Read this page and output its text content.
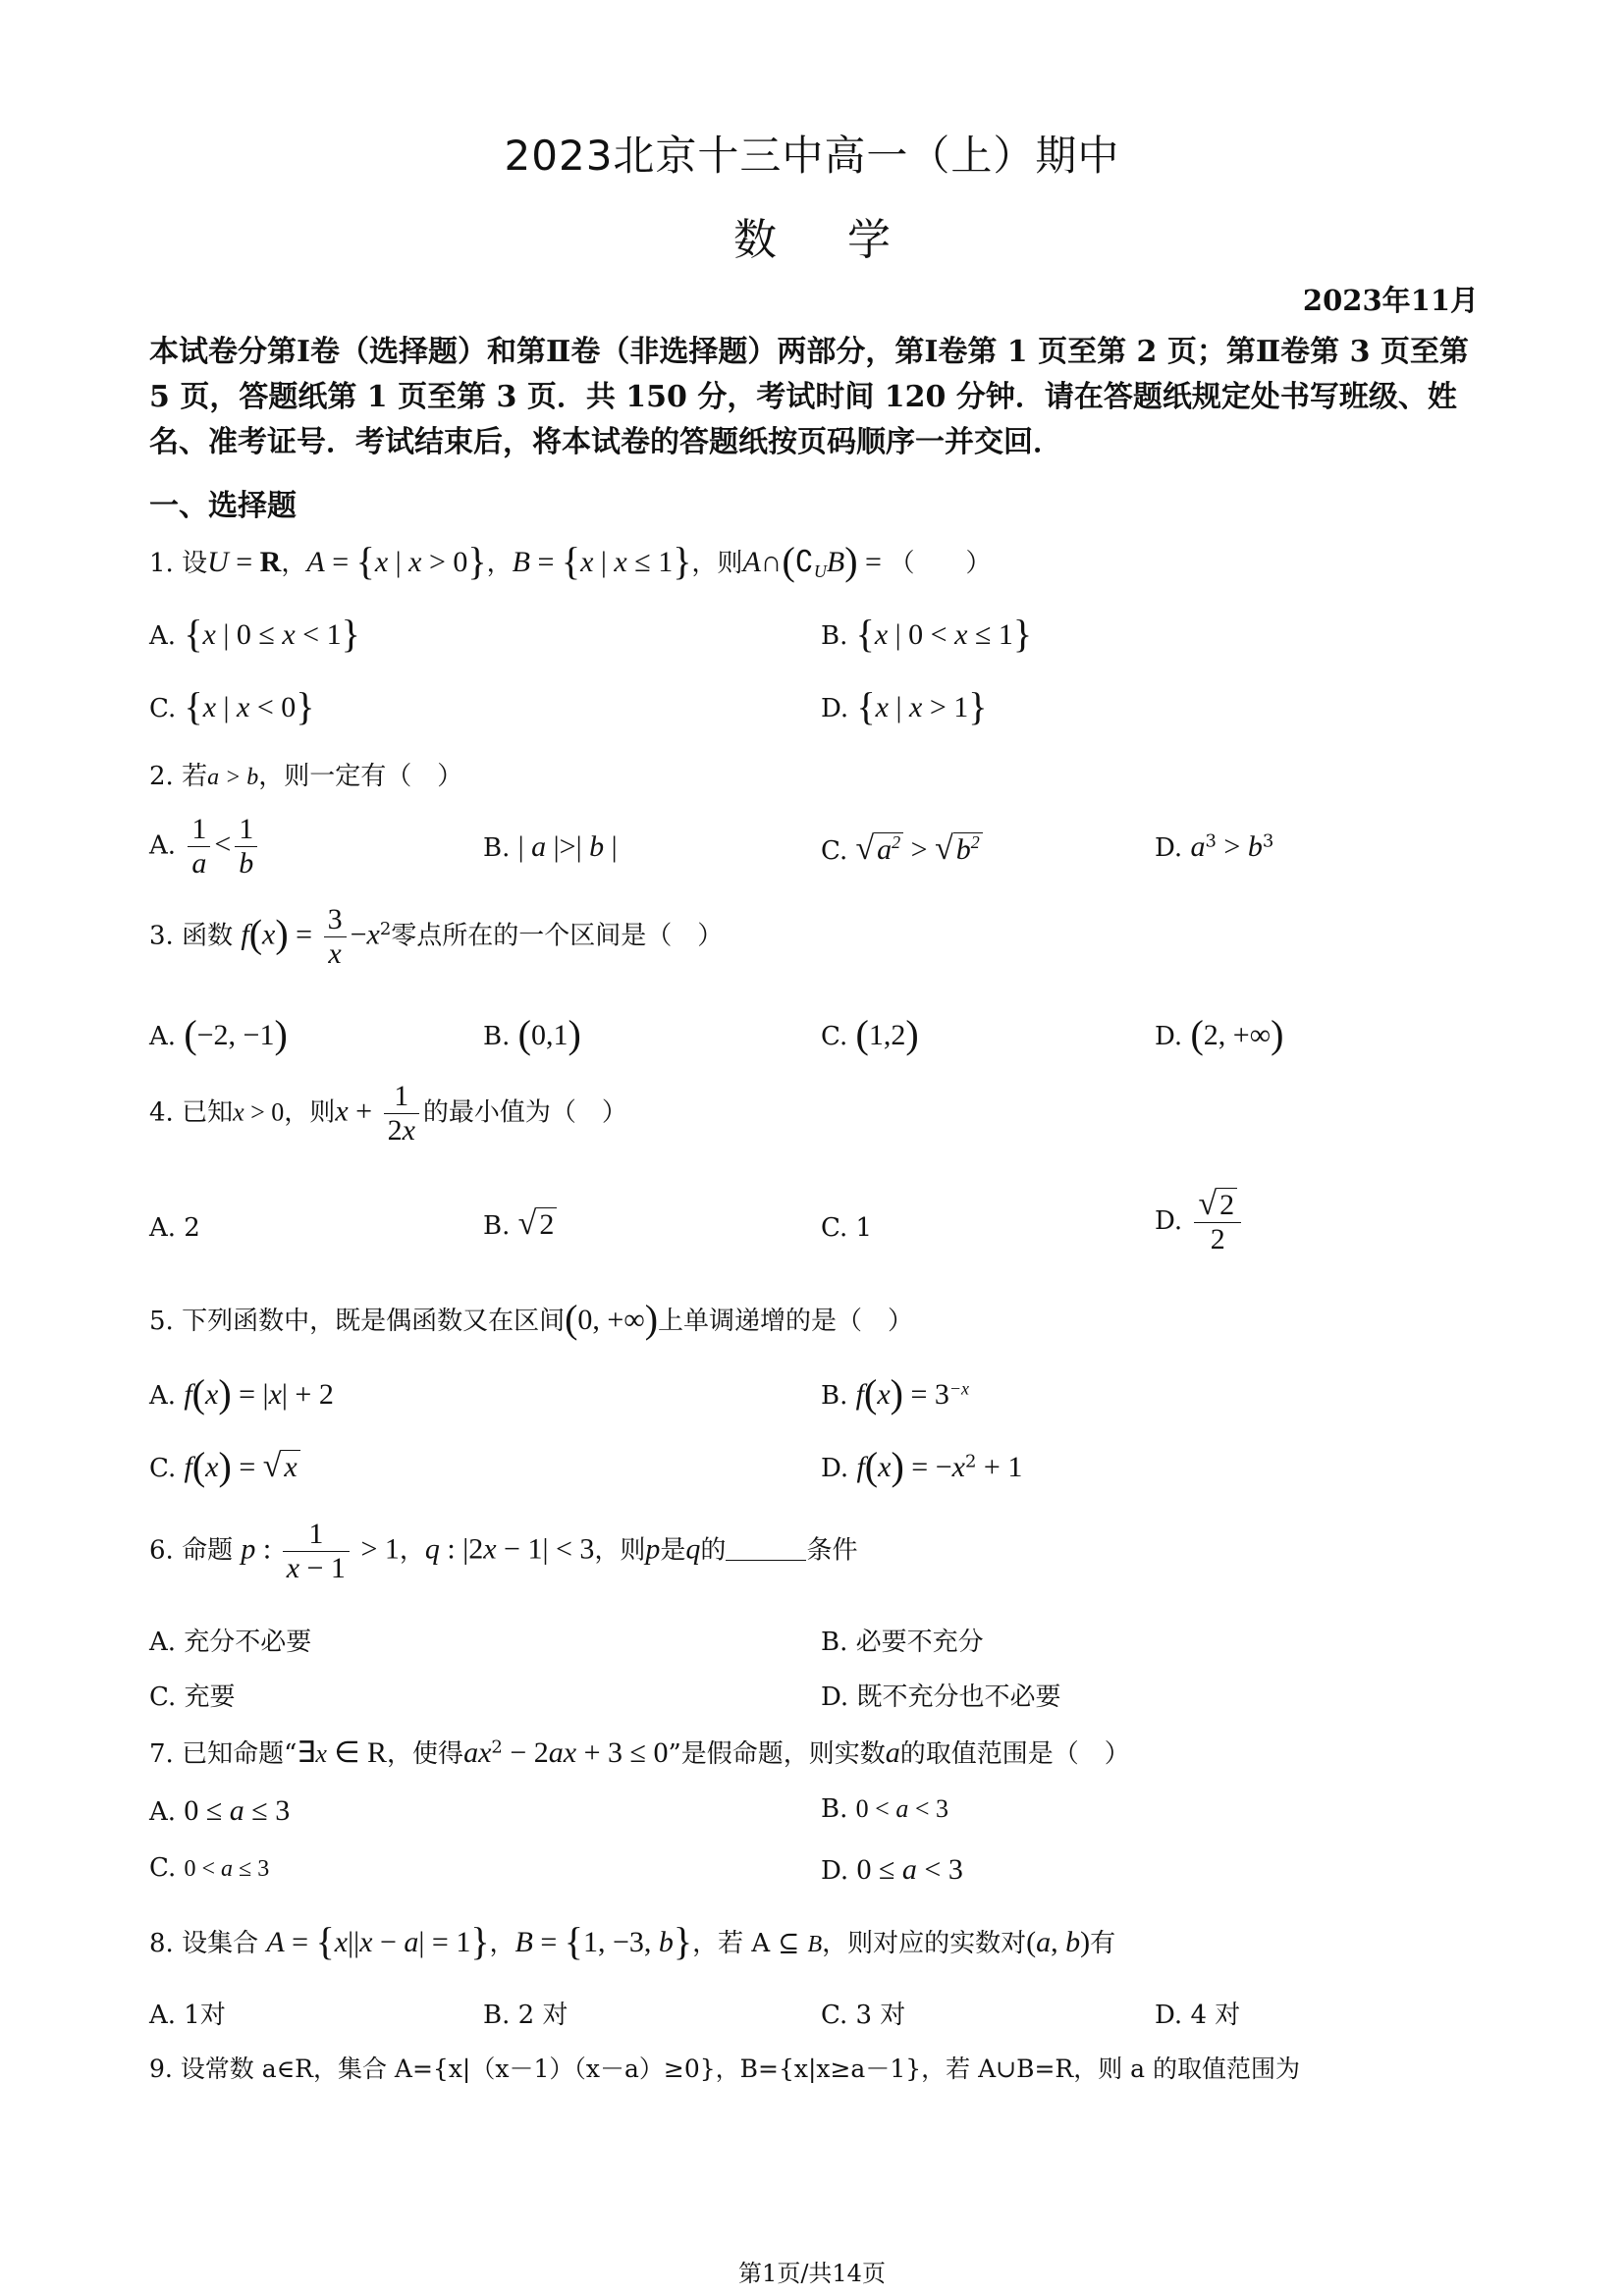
2023北京十三中高一（上）期中
数 学
2023年11月
本试卷分第Ⅰ卷（选择题）和第Ⅱ卷（非选择题）两部分，第Ⅰ卷第 1 页至第 2 页；第Ⅱ卷第 3 页至第 5 页，答题纸第 1 页至第 3 页．共 150 分，考试时间 120 分钟．请在答题纸规定处书写班级、姓名、准考证号．考试结束后，将本试卷的答题纸按页码顺序一并交回．
一、选择题
1. 设U = R，A = {x | x > 0}，B = {x | x ≤ 1}，则$A\cap(∁_UB)$ = （　　）
A. {x | 0 ≤ x < 1}	B. {x | 0 < x ≤ 1}
C. {x | x < 0}	D. {x | x > 1}
2. 若a > b，则一定有（　）
A. $\frac{1}{a} < \frac{1}{b}$	B. | a |>| b |	C. √ $a^2$ > √ $b^2$	D. $a^3 > b^3$
3. 函数 $f(x) = \frac{3}{x} -x^2$零点所在的一个区间是（　）
A. (−2, −1)	B. (0,1)	C. (1,2)	D. (2, +∞)
4. 已知x > 0，则$x + \frac{1}{2x}$ 的最小值为（　）
A. 2	B. √ 2	C. 1	D. $\frac{√ 2}{2}$
5. 下列函数中，既是偶函数又在区间(0, +∞)上单调递增的是（　）
A. f(x) = |x| + 2	B. $f(x) = 3^{-x}$
C. f(x) = √ x	D. $f(x) = -x^2 + 1$
6. 命题 p : $\frac{1}{x - 1} > 1$，q : |2x − 1| < 3，则p是q的	条件
A. 充分不必要	B. 必要不充分
C. 充要	D. 既不充分也不必要
7. 已知命题“∃x ∈ R，使得$ax^2 - 2ax + 3 \le 0$”是假命题，则实数a的取值范围是（　）
A. 0 ≤ a ≤ 3	B. 0 < a < 3
C. 0 < a ≤ 3	D. 0 ≤ a < 3
8. 设集合 A = {x||x − a| = 1}，B = {1, −3, b}，若 A ⊆ B，则对应的实数对(a, b)有
A. 1对	B. 2 对	C. 3 对	D. 4 对
9. 设常数 a∈R，集合 A={x|（x－1）（x－a）≥0}，B={x|x≥a－1}，若 A∪B=R，则 a 的取值范围为
第1页/共14页
